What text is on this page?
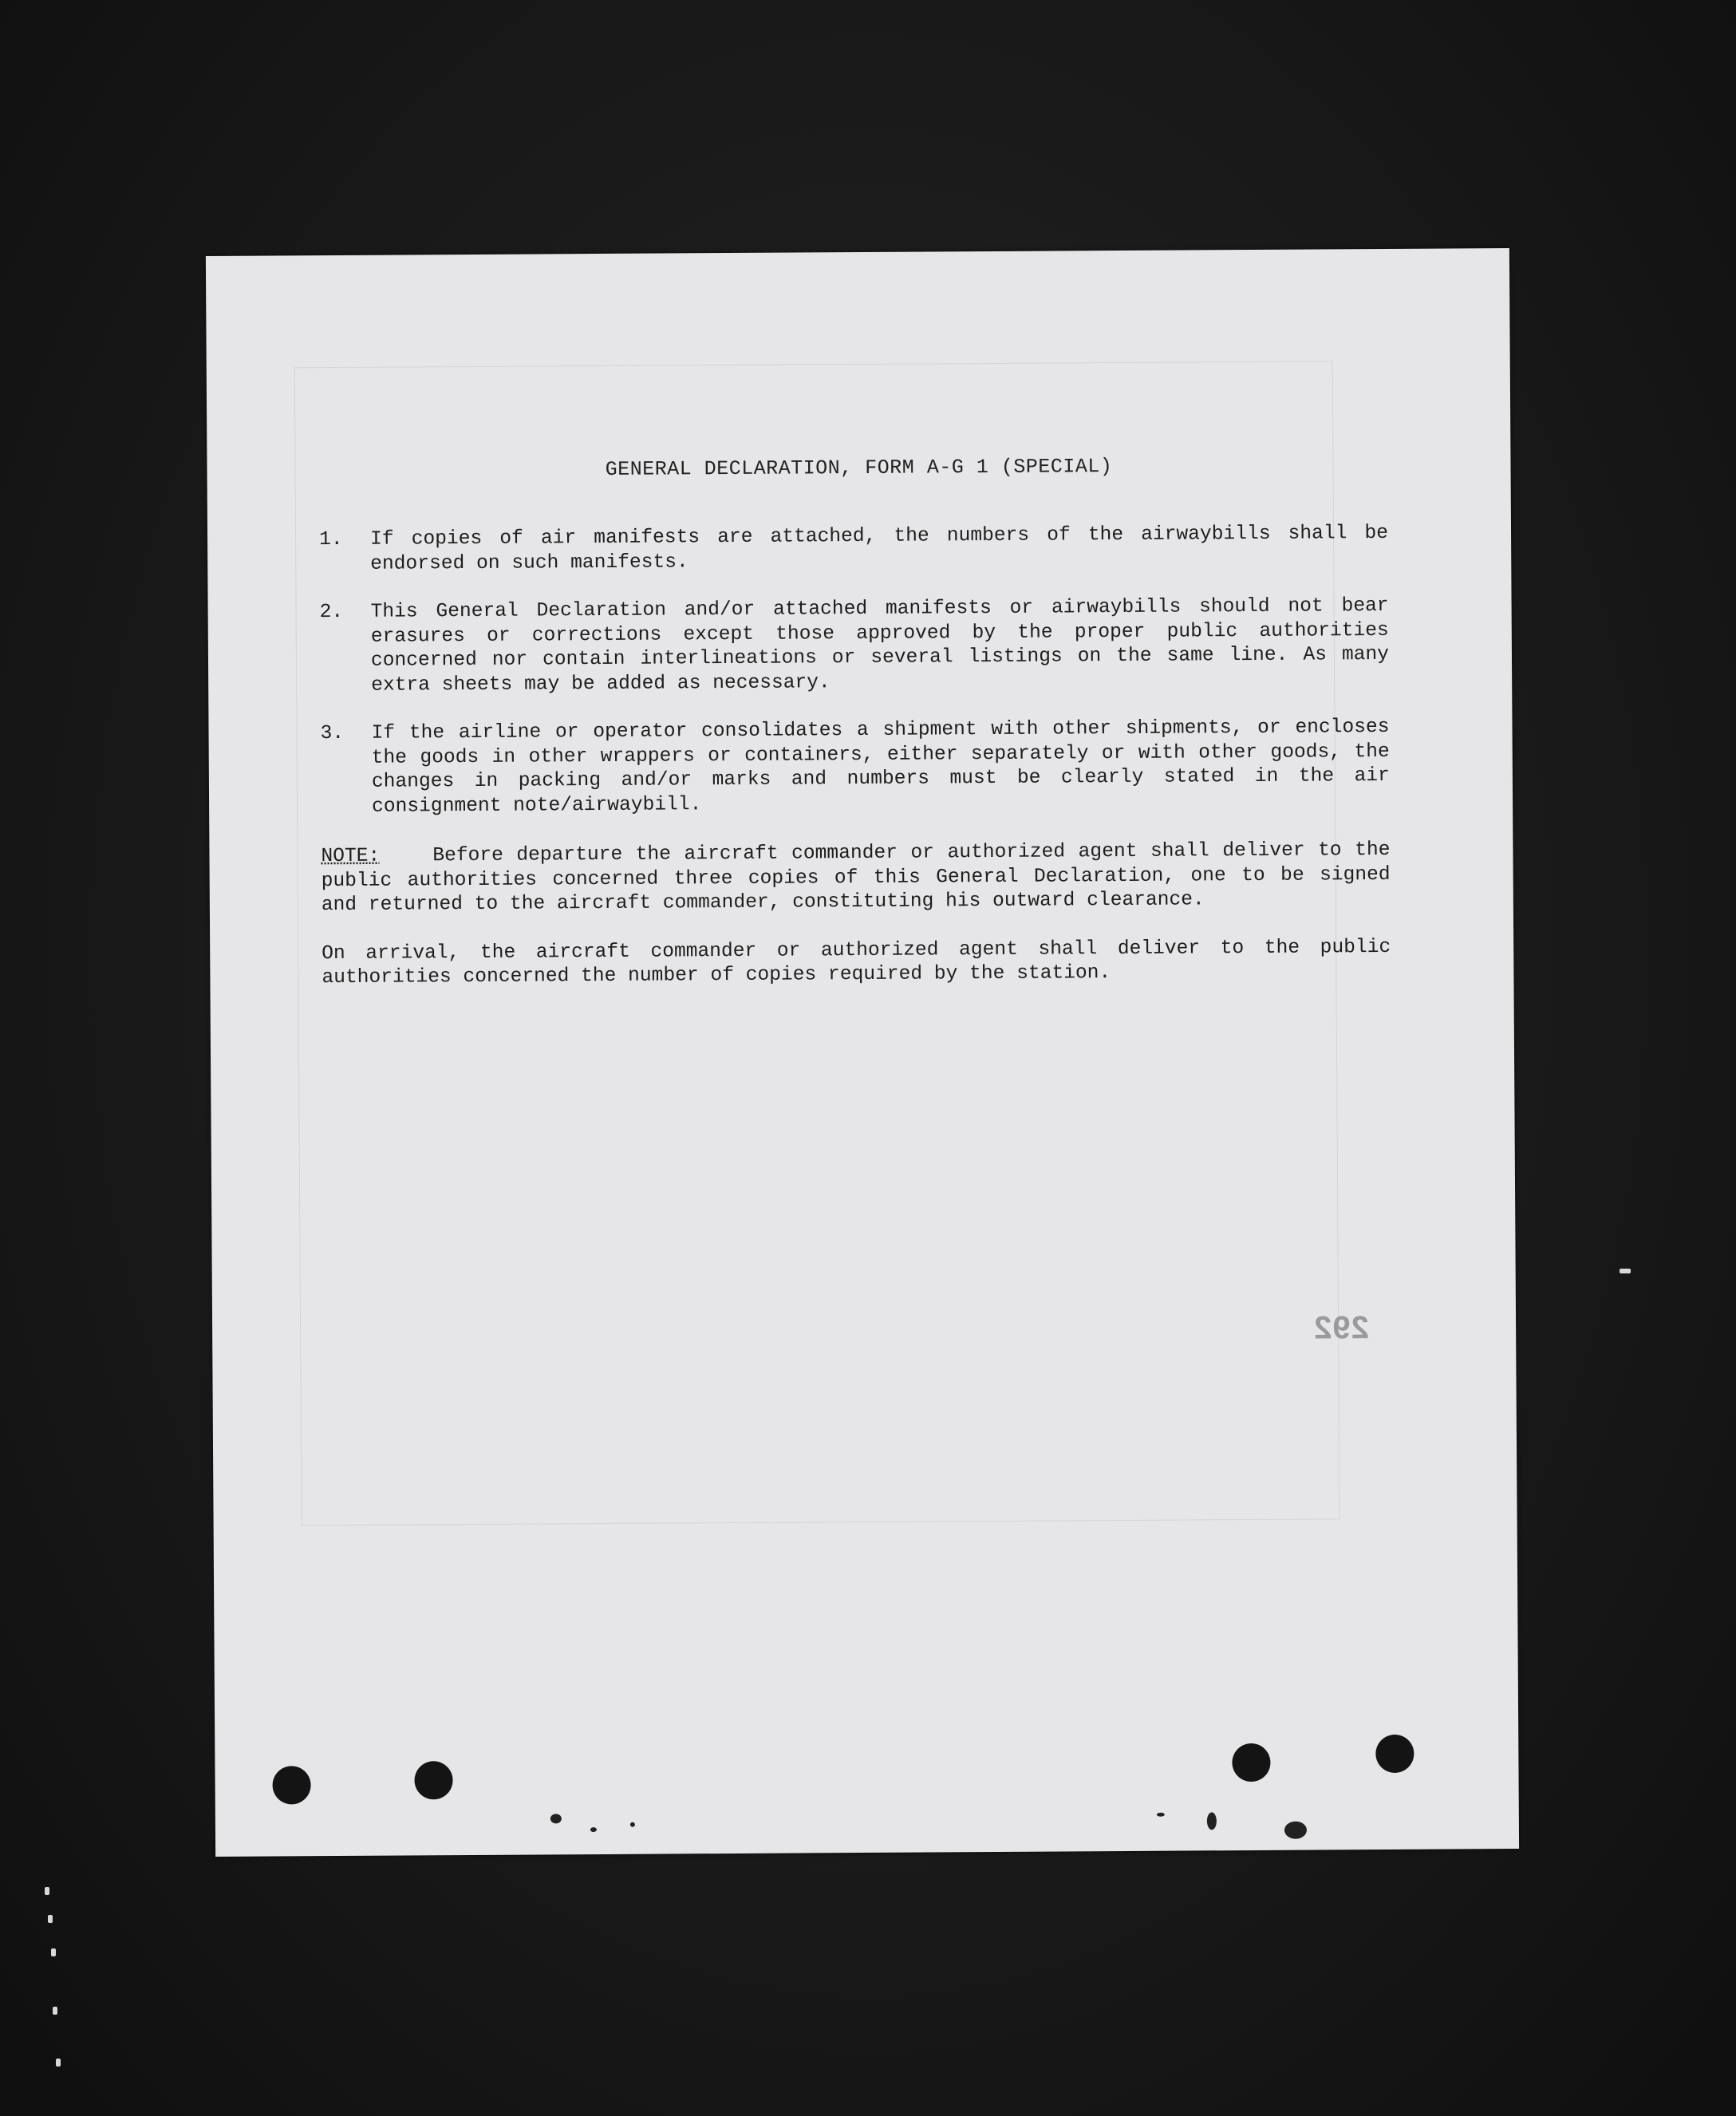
GENERAL DECLARATION, FORM A-G 1 (SPECIAL)
1. If copies of air manifests are attached, the numbers of the airwaybills shall be endorsed on such manifests.
2. This General Declaration and/or attached manifests or airwaybills should not bear erasures or corrections except those approved by the proper public authorities concerned nor contain interlineations or several listings on the same line. As many extra sheets may be added as necessary.
3. If the airline or operator consolidates a shipment with other shipments, or encloses the goods in other wrappers or containers, either separately or with other goods, the changes in packing and/or marks and numbers must be clearly stated in the air consignment note/airwaybill.
NOTE:	Before departure the aircraft commander or authorized agent shall deliver to the public authorities concerned three copies of this General Declaration, one to be signed and returned to the aircraft commander, constituting his outward clearance.
On arrival, the aircraft commander or authorized agent shall deliver to the public authorities concerned the number of copies required by the station.
292
